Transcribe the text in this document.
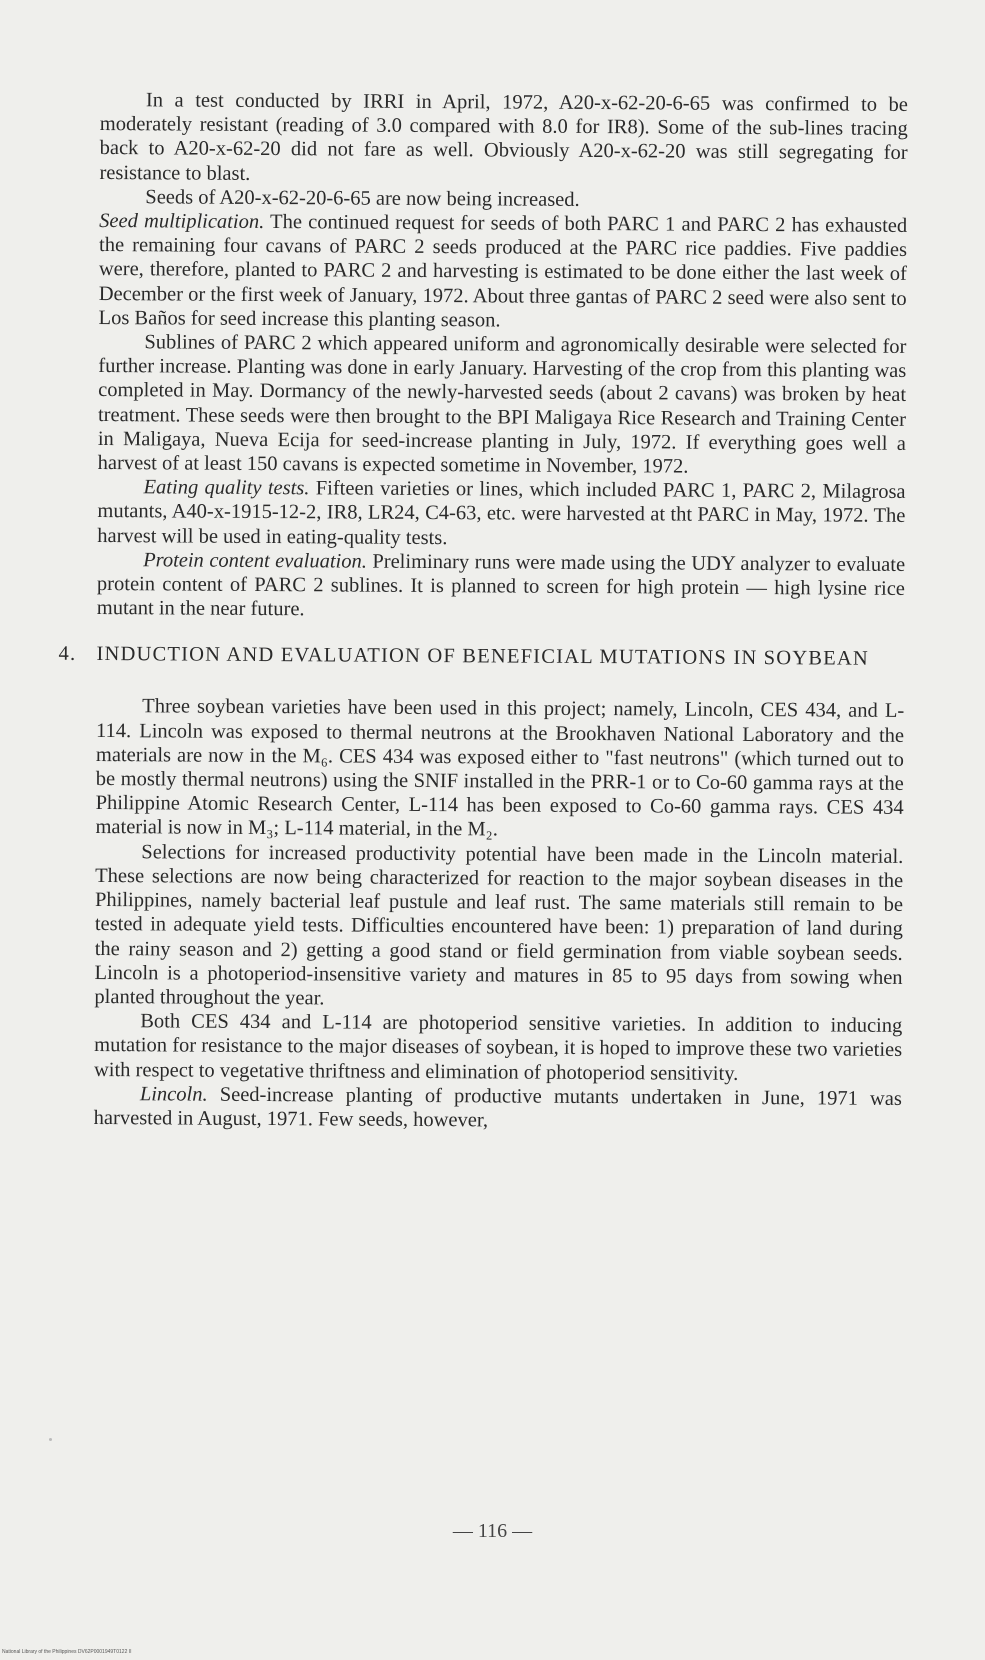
In a test conducted by IRRI in April, 1972, A20-x-62-20-6-65 was confirmed to be moderately resistant (reading of 3.0 compared with 8.0 for IR8). Some of the sub-lines tracing back to A20-x-62-20 did not fare as well. Obviously A20-x-62-20 was still segregating for resistance to blast.

Seeds of A20-x-62-20-6-65 are now being increased.

Seed multiplication. The continued request for seeds of both PARC 1 and PARC 2 has exhausted the remaining four cavans of PARC 2 seeds produced at the PARC rice paddies. Five paddies were, therefore, planted to PARC 2 and harvesting is estimated to be done either the last week of December or the first week of January, 1972. About three gantas of PARC 2 seed were also sent to Los Baños for seed increase this planting season.

Sublines of PARC 2 which appeared uniform and agronomically desirable were selected for further increase. Planting was done in early January. Harvesting of the crop from this planting was completed in May. Dormancy of the newly-harvested seeds (about 2 cavans) was broken by heat treatment. These seeds were then brought to the BPI Maligaya Rice Research and Training Center in Maligaya, Nueva Ecija for seed-increase planting in July, 1972. If everything goes well a harvest of at least 150 cavans is expected sometime in November, 1972.

Eating quality tests. Fifteen varieties or lines, which included PARC 1, PARC 2, Milagrosa mutants, A40-x-1915-12-2, IR8, LR24, C4-63, etc. were harvested at tht PARC in May, 1972. The harvest will be used in eating-quality tests.

Protein content evaluation. Preliminary runs were made using the UDY analyzer to evaluate protein content of PARC 2 sublines. It is planned to screen for high protein — high lysine rice mutant in the near future.

4. INDUCTION AND EVALUATION OF BENEFICIAL MUTATIONS IN SOYBEAN

Three soybean varieties have been used in this project; namely, Lincoln, CES 434, and L-114. Lincoln was exposed to thermal neutrons at the Brookhaven National Laboratory and the materials are now in the M₆. CES 434 was exposed either to "fast neutrons" (which turned out to be mostly thermal neutrons) using the SNIF installed in the PRR-1 or to Co-60 gamma rays at the Philippine Atomic Research Center, L-114 has been exposed to Co-60 gamma rays. CES 434 material is now in M₃; L-114 material, in the M₂.

Selections for increased productivity potential have been made in the Lincoln material. These selections are now being characterized for reaction to the major soybean diseases in the Philippines, namely bacterial leaf pustule and leaf rust. The same materials still remain to be tested in adequate yield tests. Difficulties encountered have been: 1) preparation of land during the rainy season and 2) getting a good stand or field germination from viable soybean seeds. Lincoln is a photoperiod-insensitive variety and matures in 85 to 95 days from sowing when planted throughout the year.

Both CES 434 and L-114 are photoperiod sensitive varieties. In addition to inducing mutation for resistance to the major diseases of soybean, it is hoped to improve these two varieties with respect to vegetative thriftness and elimination of photoperiod sensitivity.

Lincoln. Seed-increase planting of productive mutants undertaken in June, 1971 was harvested in August, 1971. Few seeds, however,

— 116 —
National Library of the Philippines DV62P0001949T0122 II
